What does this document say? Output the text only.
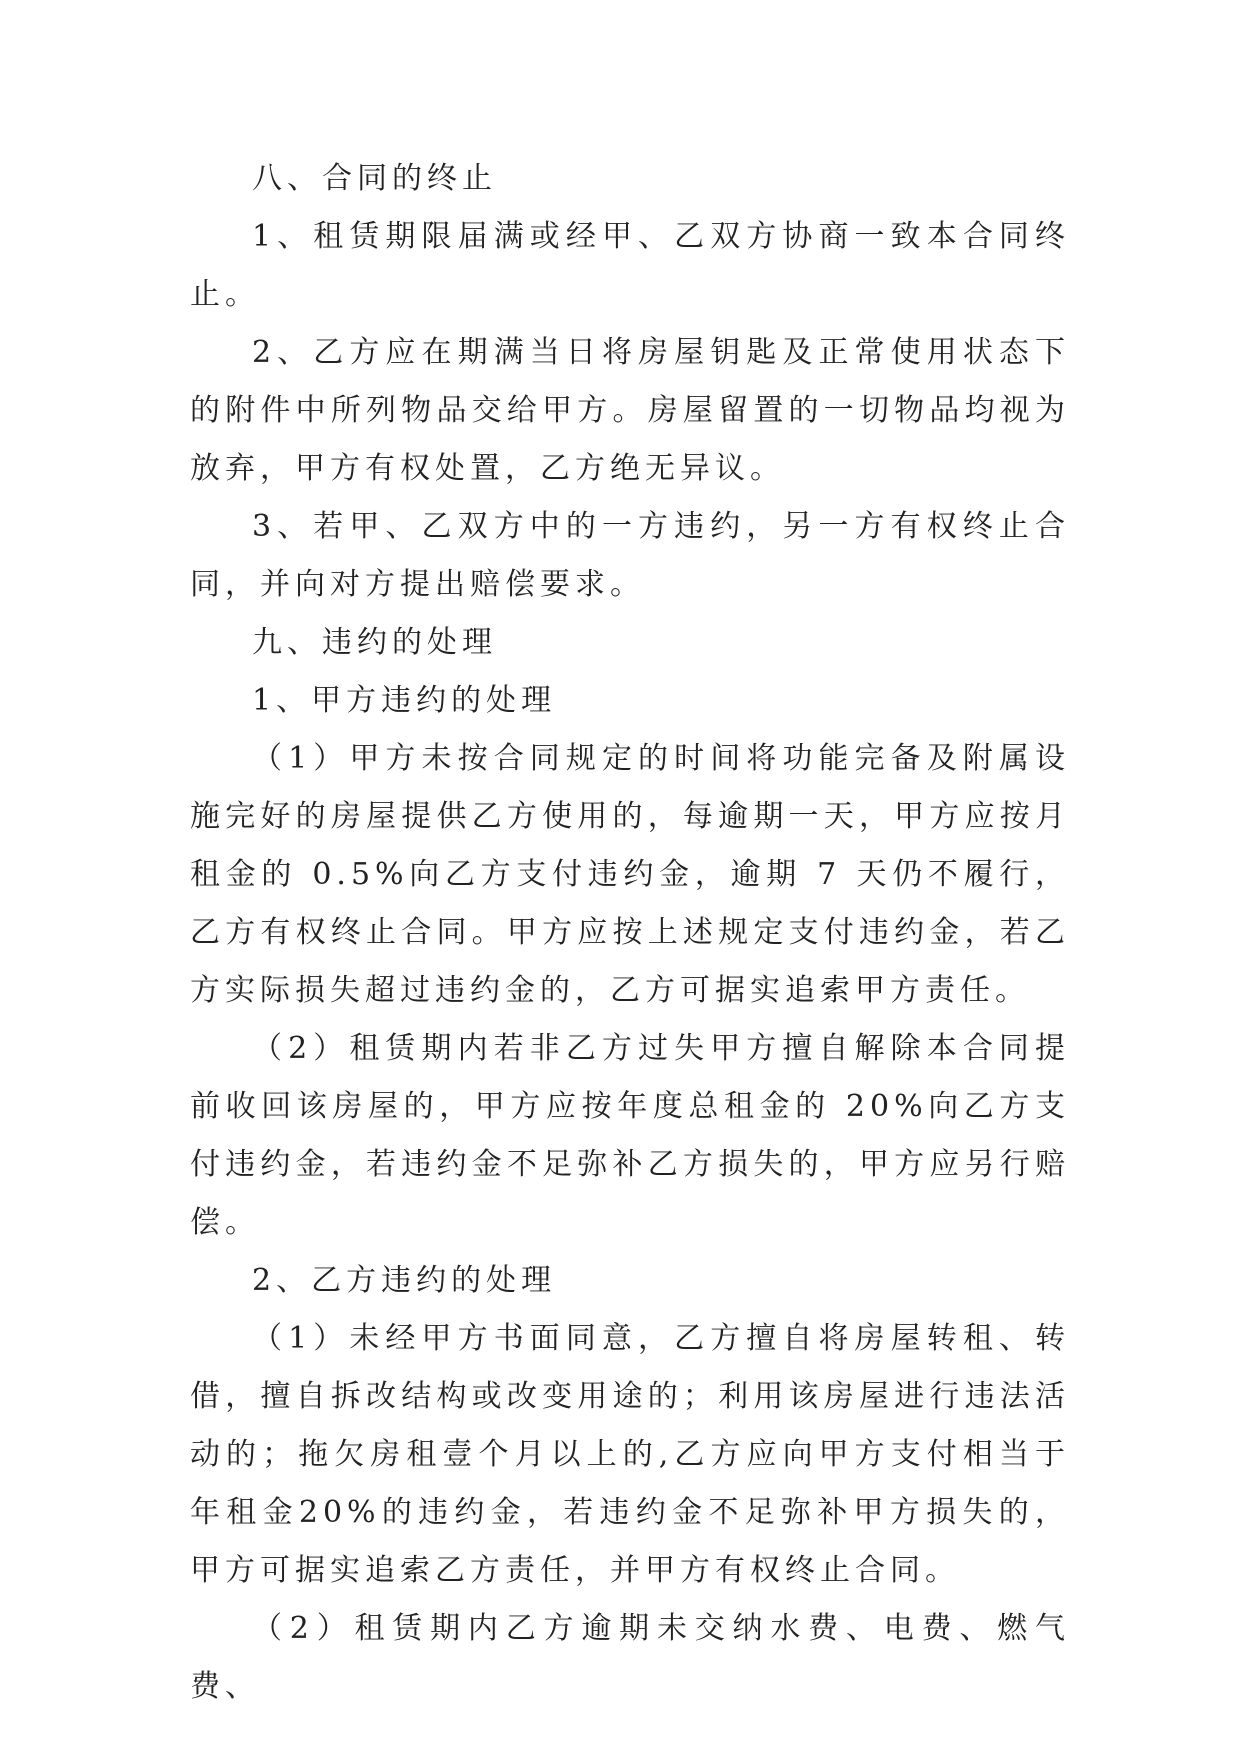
八、合同的终止

1、租赁期限届满或经甲、乙双方协商一致本合同终止。

2、乙方应在期满当日将房屋钥匙及正常使用状态下的附件中所列物品交给甲方。房屋留置的一切物品均视为放弃，甲方有权处置，乙方绝无异议。

3、若甲、乙双方中的一方违约，另一方有权终止合同，并向对方提出赔偿要求。

九、违约的处理

1、甲方违约的处理

（1）甲方未按合同规定的时间将功能完备及附属设施完好的房屋提供乙方使用的，每逾期一天，甲方应按月租金的 0.5%向乙方支付违约金，逾期 7 天仍不履行，乙方有权终止合同。甲方应按上述规定支付违约金，若乙方实际损失超过违约金的，乙方可据实追索甲方责任。

（2）租赁期内若非乙方过失甲方擅自解除本合同提前收回该房屋的，甲方应按年度总租金的 20%向乙方支付违约金，若违约金不足弥补乙方损失的，甲方应另行赔偿。

2、乙方违约的处理

（1）未经甲方书面同意，乙方擅自将房屋转租、转借，擅自拆改结构或改变用途的；利用该房屋进行违法活动的；拖欠房租壹个月以上的,乙方应向甲方支付相当于年租金20%的违约金，若违约金不足弥补甲方损失的，甲方可据实追索乙方责任，并甲方有权终止合同。

（2）租赁期内乙方逾期未交纳水费、电费、燃气费、
